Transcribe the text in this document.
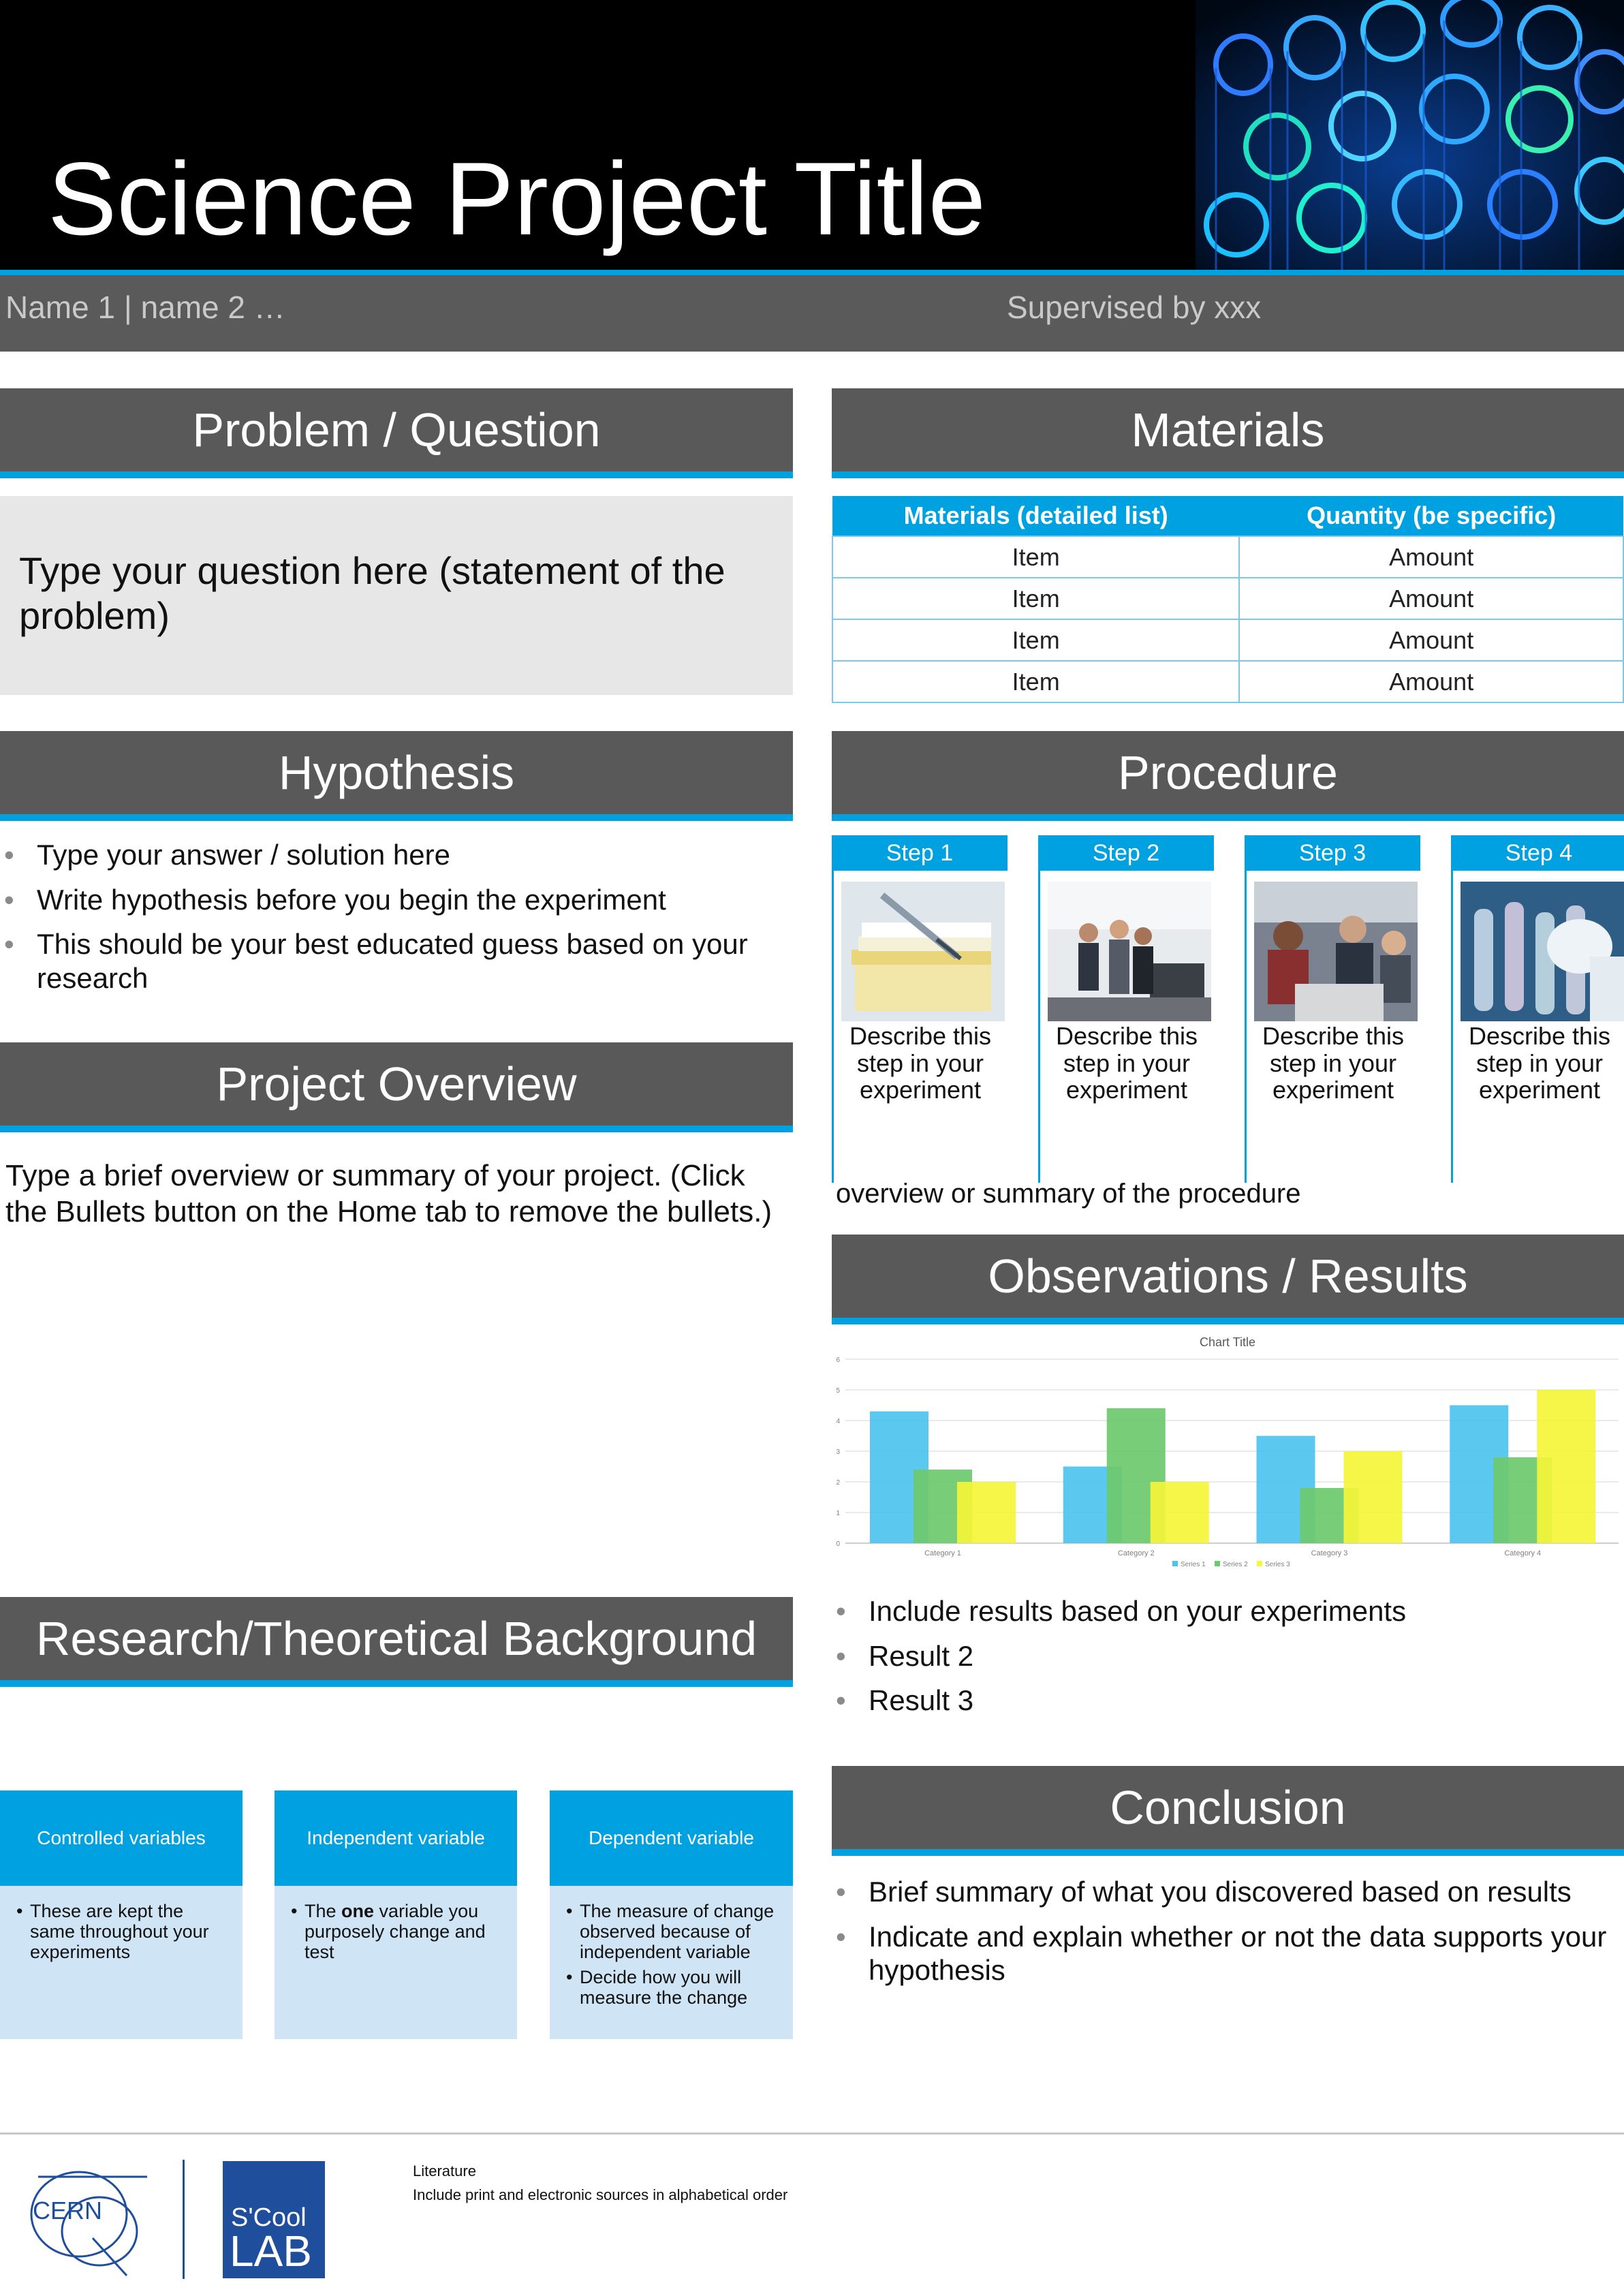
Science Project Title
Name 1 | name 2 …	Supervised by xxx
Problem / Question
Type your question here (statement of the problem)
Hypothesis
• Type your answer / solution here
• Write hypothesis before you begin the experiment
• This should be your best educated guess based on your research
Project Overview
Type a brief overview or summary of your project. (Click the Bullets button on the Home tab to remove the bullets.)
Research/Theoretical Background
Controlled variables
• These are kept the same throughout your experiments
Independent variable
• The one variable you purposely change and test
Dependent variable
• The measure of change observed because of independent variable
• Decide how you will measure the change
Materials
Materials (detailed list)	Quantity (be specific)
Item	Amount
Item	Amount
Item	Amount
Item	Amount
Procedure
Step 1
Describe this step in your experiment
Step 2
Describe this step in your experiment
Step 3
Describe this step in your experiment
Step 4
Describe this step in your experiment
overview or summary of the procedure
Observations / Results
Chart Title
0
1
2
3
4
5
6
Category 1	Category 2	Category 3	Category 4
Series 1	Series 2	Series 3
• Include results based on your experiments
• Result 2
• Result 3
Conclusion
• Brief summary of what you discovered based on results
• Indicate and explain whether or not the data supports your hypothesis
CERN	S'Cool
LAB
Literature
Include print and electronic sources in alphabetical order
